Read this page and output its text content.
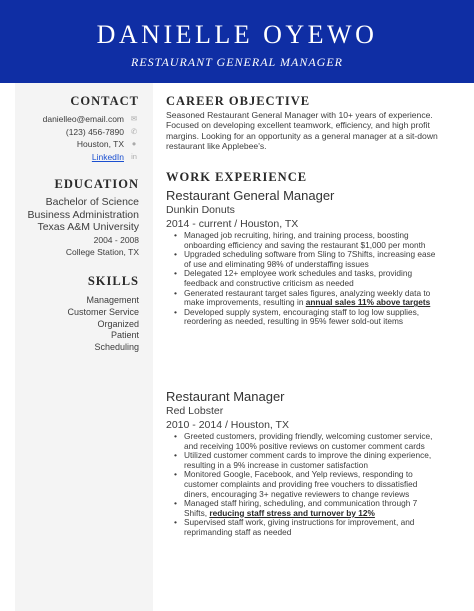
DANIELLE OYEWO
RESTAURANT GENERAL MANAGER
CONTACT
danielleo@email.com ✉
(123) 456-7890 ✆
Houston, TX	●
LinkedIn in
EDUCATION
Bachelor of Science
Business Administration
Texas A&M University
2004 - 2008
College Station, TX
SKILLS
Management
Customer Service
Organized
Patient
Scheduling
CAREER OBJECTIVE
Seasoned Restaurant General Manager with 10+ years of experience. Focused on developing excellent teamwork, efficiency, and high profit margins. Looking for an opportunity as a general manager at a sit-down restaurant like Applebee's.
WORK EXPERIENCE
Restaurant General Manager
Dunkin Donuts
2014 - current / Houston, TX
• Managed job recruiting, hiring, and training process, boosting onboarding efficiency and saving the restaurant $1,000 per month
• Upgraded scheduling software from Sling to 7Shifts, increasing ease of use and eliminating 98% of understaffing issues
• Delegated 12+ employee work schedules and tasks, providing feedback and constructive criticism as needed
• Generated restaurant target sales figures, analyzing weekly data to make improvements, resulting in annual sales 11% above targets
• Developed supply system, encouraging staff to log low supplies, reordering as needed, resulting in 95% fewer sold-out items
Restaurant Manager
Red Lobster
2010 - 2014 / Houston, TX
• Greeted customers, providing friendly, welcoming customer service, and receiving 100% positive reviews on customer comment cards
• Utilized customer comment cards to improve the dining experience, resulting in a 9% increase in customer satisfaction
• Monitored Google, Facebook, and Yelp reviews, responding to customer complaints and providing free vouchers to dissatisfied diners, encouraging 3+ negative reviewers to change reviews
• Managed staff hiring, scheduling, and communication through 7 Shifts, reducing staff stress and turnover by 12%
• Supervised staff work, giving instructions for improvement, and reprimanding staff as needed
